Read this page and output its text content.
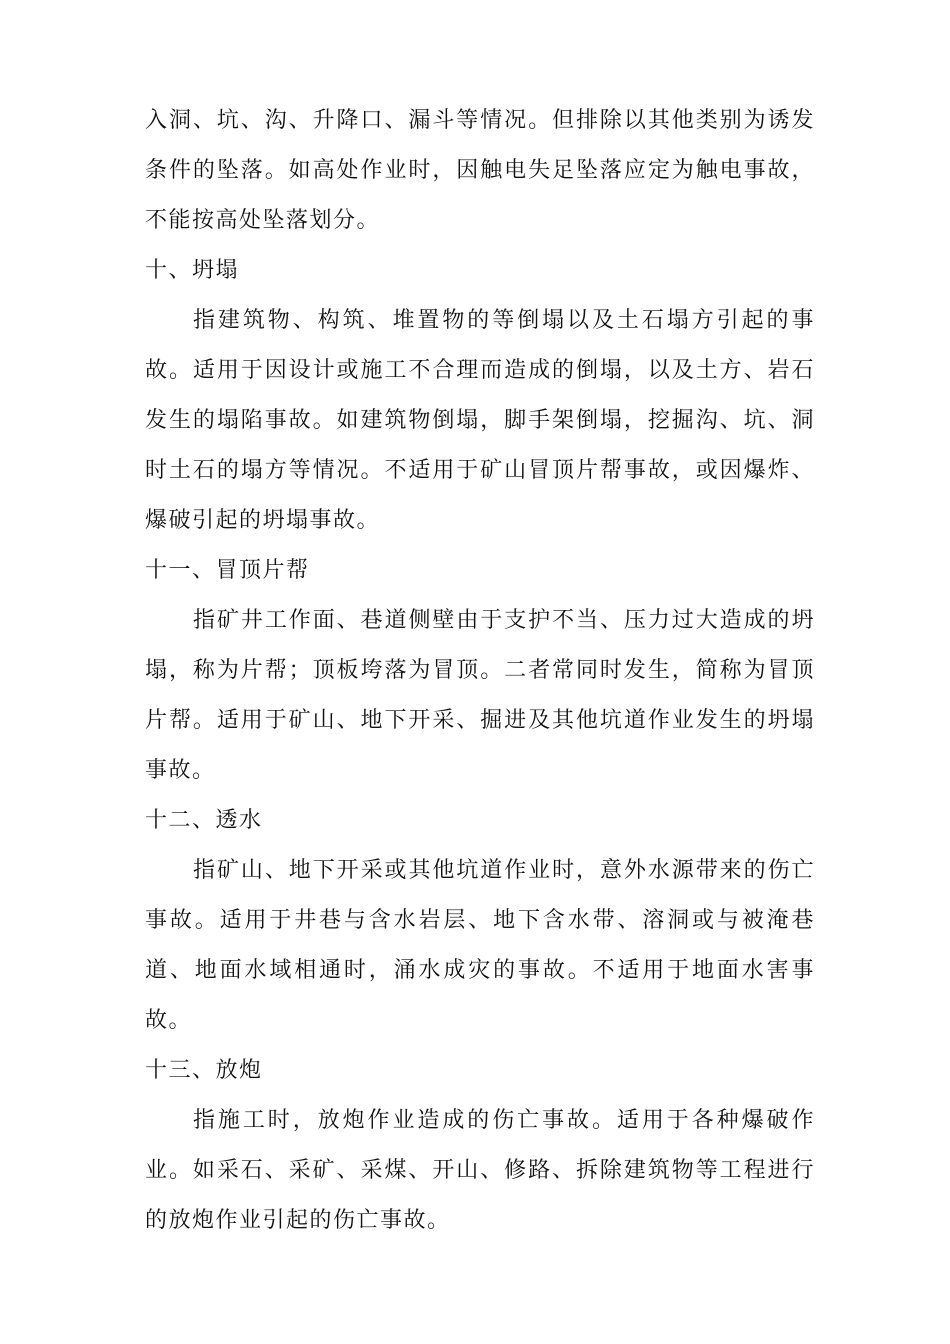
入洞、坑、沟、升降口、漏斗等情况。但排除以其他类别为诱发条件的坠落。如高处作业时，因触电失足坠落应定为触电事故，不能按高处坠落划分。

十、坍塌

指建筑物、构筑、堆置物的等倒塌以及土石塌方引起的事故。适用于因设计或施工不合理而造成的倒塌，以及土方、岩石发生的塌陷事故。如建筑物倒塌，脚手架倒塌，挖掘沟、坑、洞时土石的塌方等情况。不适用于矿山冒顶片帮事故，或因爆炸、爆破引起的坍塌事故。

十一、冒顶片帮

指矿井工作面、巷道侧壁由于支护不当、压力过大造成的坍塌，称为片帮；顶板垮落为冒顶。二者常同时发生，简称为冒顶片帮。适用于矿山、地下开采、掘进及其他坑道作业发生的坍塌事故。

十二、透水

指矿山、地下开采或其他坑道作业时，意外水源带来的伤亡事故。适用于井巷与含水岩层、地下含水带、溶洞或与被淹巷道、地面水域相通时，涌水成灾的事故。不适用于地面水害事故。

十三、放炮

指施工时，放炮作业造成的伤亡事故。适用于各种爆破作业。如采石、采矿、采煤、开山、修路、拆除建筑物等工程进行的放炮作业引起的伤亡事故。
